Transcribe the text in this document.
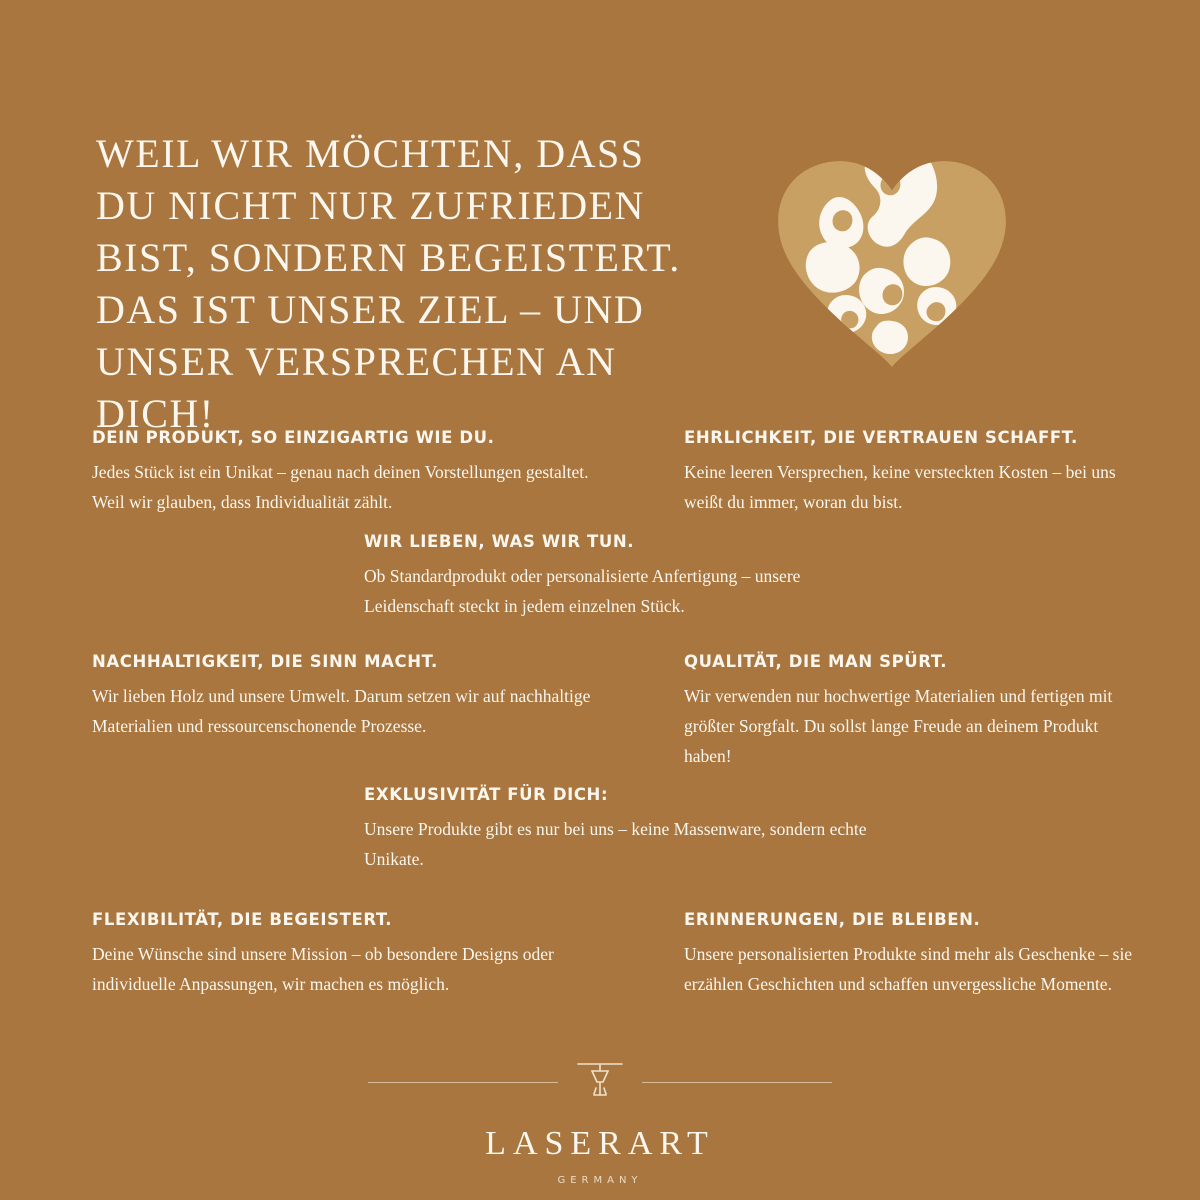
WEIL WIR MÖCHTEN, DASS DU NICHT NUR ZUFRIEDEN BIST, SONDERN BEGEISTERT. DAS IST UNSER ZIEL – UND UNSER VERSPRECHEN AN DICH!
DEIN PRODUKT, SO EINZIGARTIG WIE DU.

Jedes Stück ist ein Unikat – genau nach deinen Vorstellungen gestaltet. Weil wir glauben, dass Individualität zählt.

EHRLICHKEIT, DIE VERTRAUEN SCHAFFT.

Keine leeren Versprechen, keine versteckten Kosten – bei uns weißt du immer, woran du bist.

WIR LIEBEN, WAS WIR TUN.

Ob Standardprodukt oder personalisierte Anfertigung – unsere Leidenschaft steckt in jedem einzelnen Stück.

NACHHALTIGKEIT, DIE SINN MACHT.

Wir lieben Holz und unsere Umwelt. Darum setzen wir auf nachhaltige Materialien und ressourcenschonende Prozesse.

QUALITÄT, DIE MAN SPÜRT.

Wir verwenden nur hochwertige Materialien und fertigen mit größter Sorgfalt. Du sollst lange Freude an deinem Produkt haben!

EXKLUSIVITÄT FÜR DICH:

Unsere Produkte gibt es nur bei uns – keine Massenware, sondern echte Unikate.

FLEXIBILITÄT, DIE BEGEISTERT.

Deine Wünsche sind unsere Mission – ob besondere Designs oder individuelle Anpassungen, wir machen es möglich.

ERINNERUNGEN, DIE BLEIBEN.

Unsere personalisierten Produkte sind mehr als Geschenke – sie erzählen Geschichten und schaffen unvergessliche Momente.

LASERART
GERMANY
